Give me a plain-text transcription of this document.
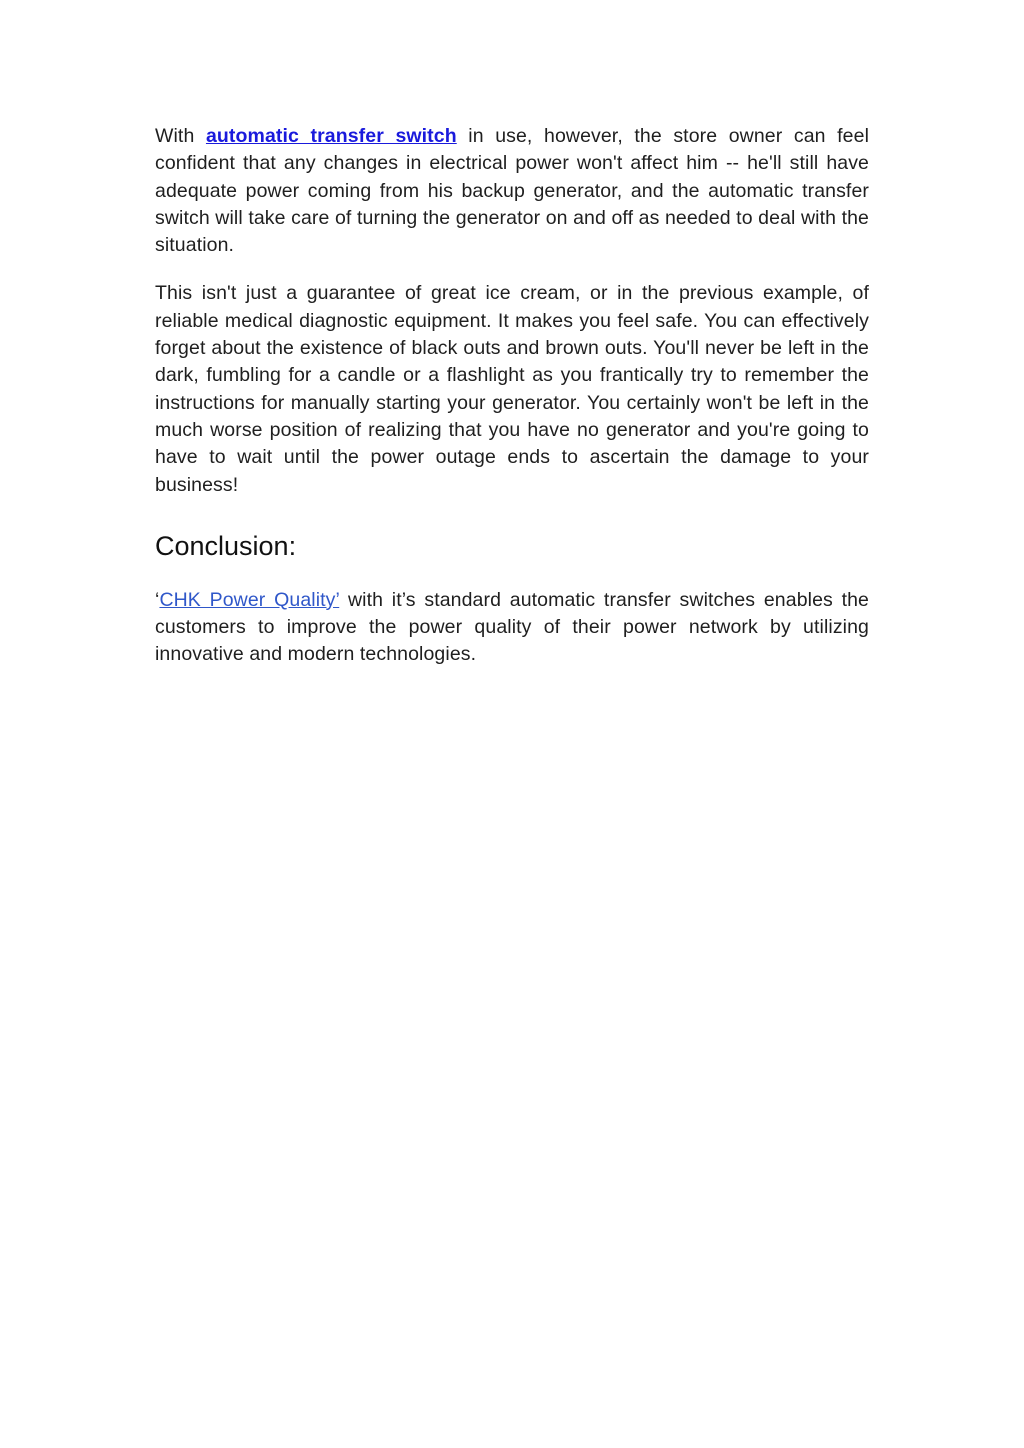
With automatic transfer switch in use, however, the store owner can feel confident that any changes in electrical power won't affect him -- he'll still have adequate power coming from his backup generator, and the automatic transfer switch will take care of turning the generator on and off as needed to deal with the situation.

This isn't just a guarantee of great ice cream, or in the previous example, of reliable medical diagnostic equipment. It makes you feel safe. You can effectively forget about the existence of black outs and brown outs. You'll never be left in the dark, fumbling for a candle or a flashlight as you frantically try to remember the instructions for manually starting your generator. You certainly won't be left in the much worse position of realizing that you have no generator and you're going to have to wait until the power outage ends to ascertain the damage to your business!

Conclusion:

‘CHK Power Quality’ with it’s standard automatic transfer switches enables the customers to improve the power quality of their power network by utilizing innovative and modern technologies.
